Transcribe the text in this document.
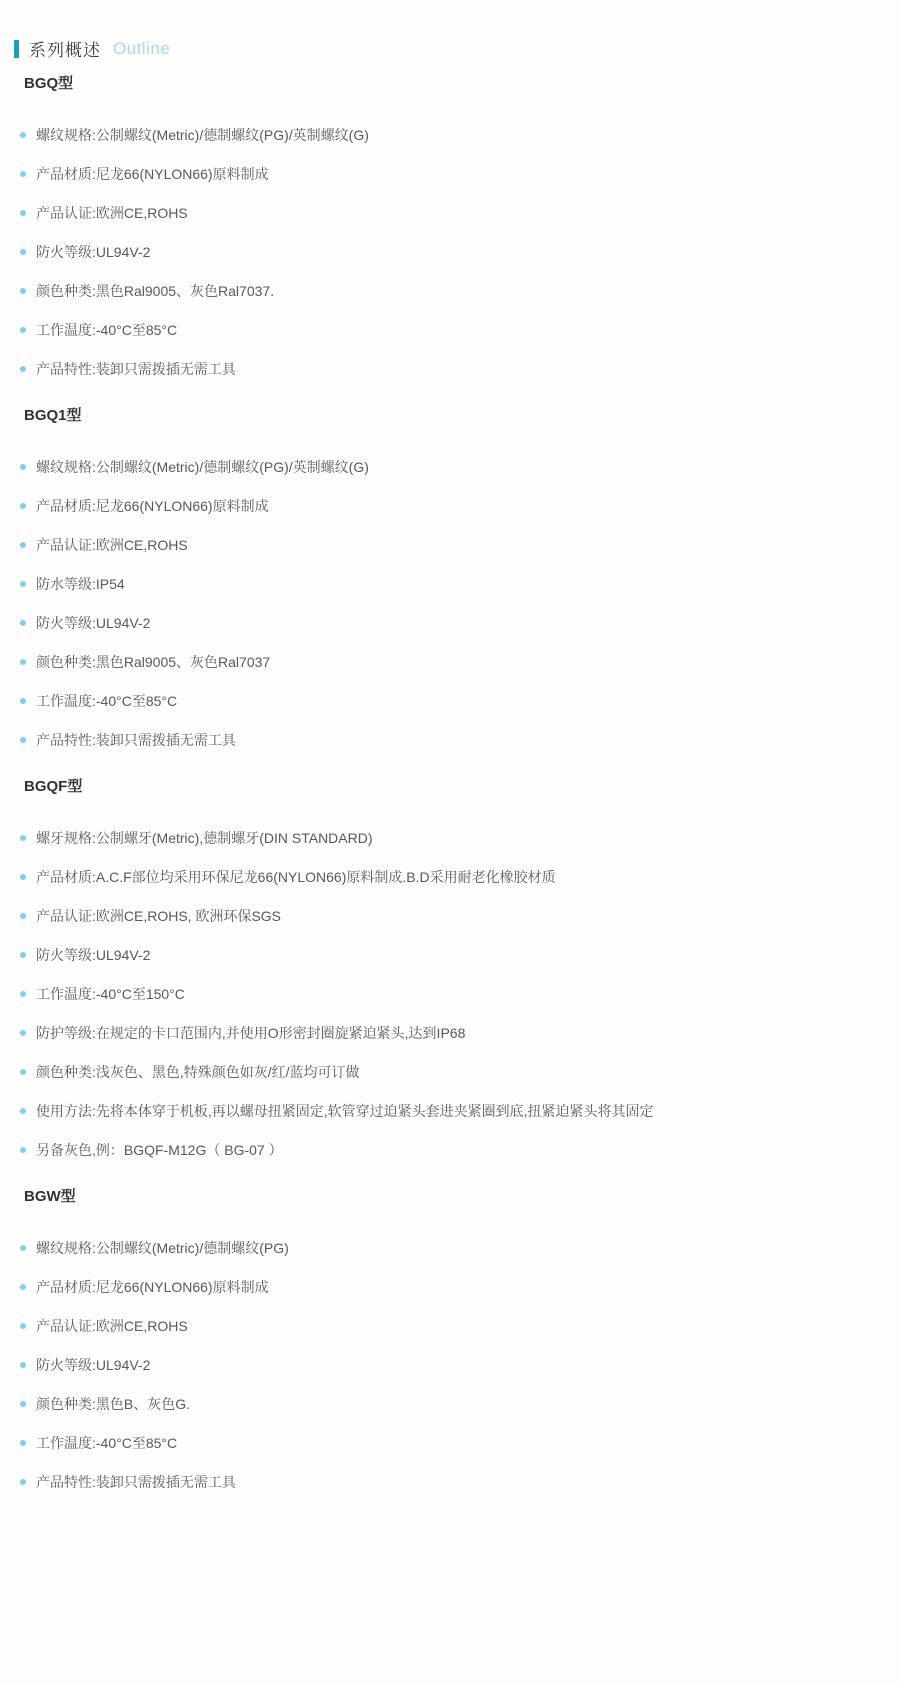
系列概述 Outline
BGQ型
螺纹规格:公制螺纹(Metric)/德制螺纹(PG)/英制螺纹(G)
产品材质:尼龙66(NYLON66)原料制成
产品认证:欧洲CE,ROHS
防火等级:UL94V-2
颜色种类:黑色Ral9005、灰色Ral7037.
工作温度:-40°C至85°C
产品特性:装卸只需拨插无需工具
BGQ1型
螺纹规格:公制螺纹(Metric)/德制螺纹(PG)/英制螺纹(G)
产品材质:尼龙66(NYLON66)原料制成
产品认证:欧洲CE,ROHS
防水等级:IP54
防火等级:UL94V-2
颜色种类:黑色Ral9005、灰色Ral7037
工作温度:-40°C至85°C
产品特性:装卸只需拨插无需工具
BGQF型
螺牙规格:公制螺牙(Metric),德制螺牙(DIN STANDARD)
产品材质:A.C.F部位均采用环保尼龙66(NYLON66)原料制成.B.D采用耐老化橡胶材质
产品认证:欧洲CE,ROHS, 欧洲环保SGS
防火等级:UL94V-2
工作温度:-40°C至150°C
防护等级:在规定的卡口范围内,并使用O形密封圈旋紧迫紧头,达到IP68
颜色种类:浅灰色、黑色,特殊颜色如灰/红/蓝均可订做
使用方法:先将本体穿于机板,再以螺母扭紧固定,软管穿过迫紧头套进夹紧圈到底,扭紧迫紧头将其固定
另备灰色,例：BGQF-M12G（ BG-07 ）
BGW型
螺纹规格:公制螺纹(Metric)/德制螺纹(PG)
产品材质:尼龙66(NYLON66)原料制成
产品认证:欧洲CE,ROHS
防火等级:UL94V-2
颜色种类:黑色B、灰色G.
工作温度:-40°C至85°C
产品特性:装卸只需拨插无需工具
